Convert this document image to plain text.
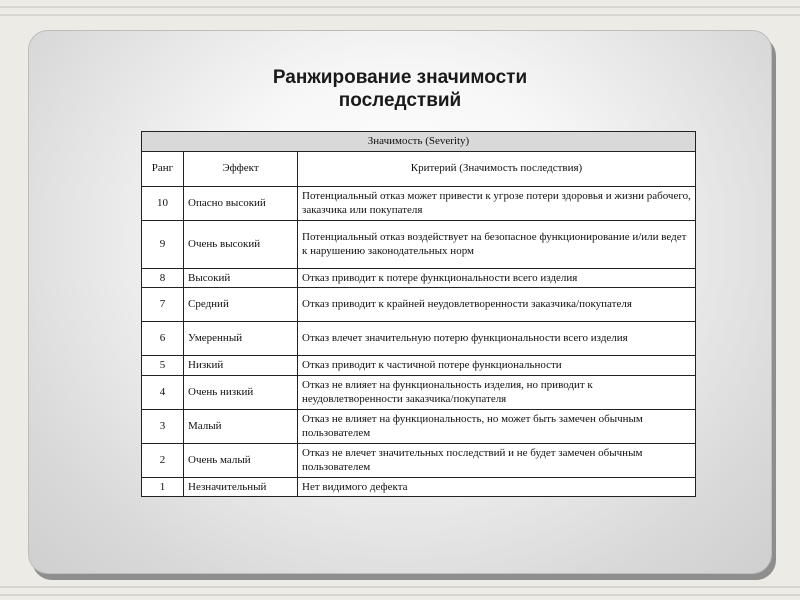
Ранжирование значимости
последствий
Значимость (Severity)		
Ранг	Эффект	Критерий (Значимость последствия)
10	Опасно высокий	Потенциальный отказ может привести к угрозе потери здоровья и жизни рабочего, заказчика или покупателя
9	Очень высокий	Потенциальный отказ воздействует на безопасное функционирование и/или ведет к нарушению законодательных норм
8	Высокий	Отказ приводит к потере функциональности всего изделия
7	Средний	Отказ приводит к крайней неудовлетворенности заказчика/покупателя
6	Умеренный	Отказ влечет значительную потерю функциональности всего изделия
5	Низкий	Отказ приводит к частичной потере функциональности
4	Очень низкий	Отказ не влияет на функциональность изделия, но приводит к неудовлетворенности заказчика/покупателя
3	Малый	Отказ не влияет на функциональность, но может быть замечен обычным пользователем
2	Очень малый	Отказ не влечет значительных последствий и не будет замечен обычным пользователем
1	Незначительный	Нет видимого дефекта
